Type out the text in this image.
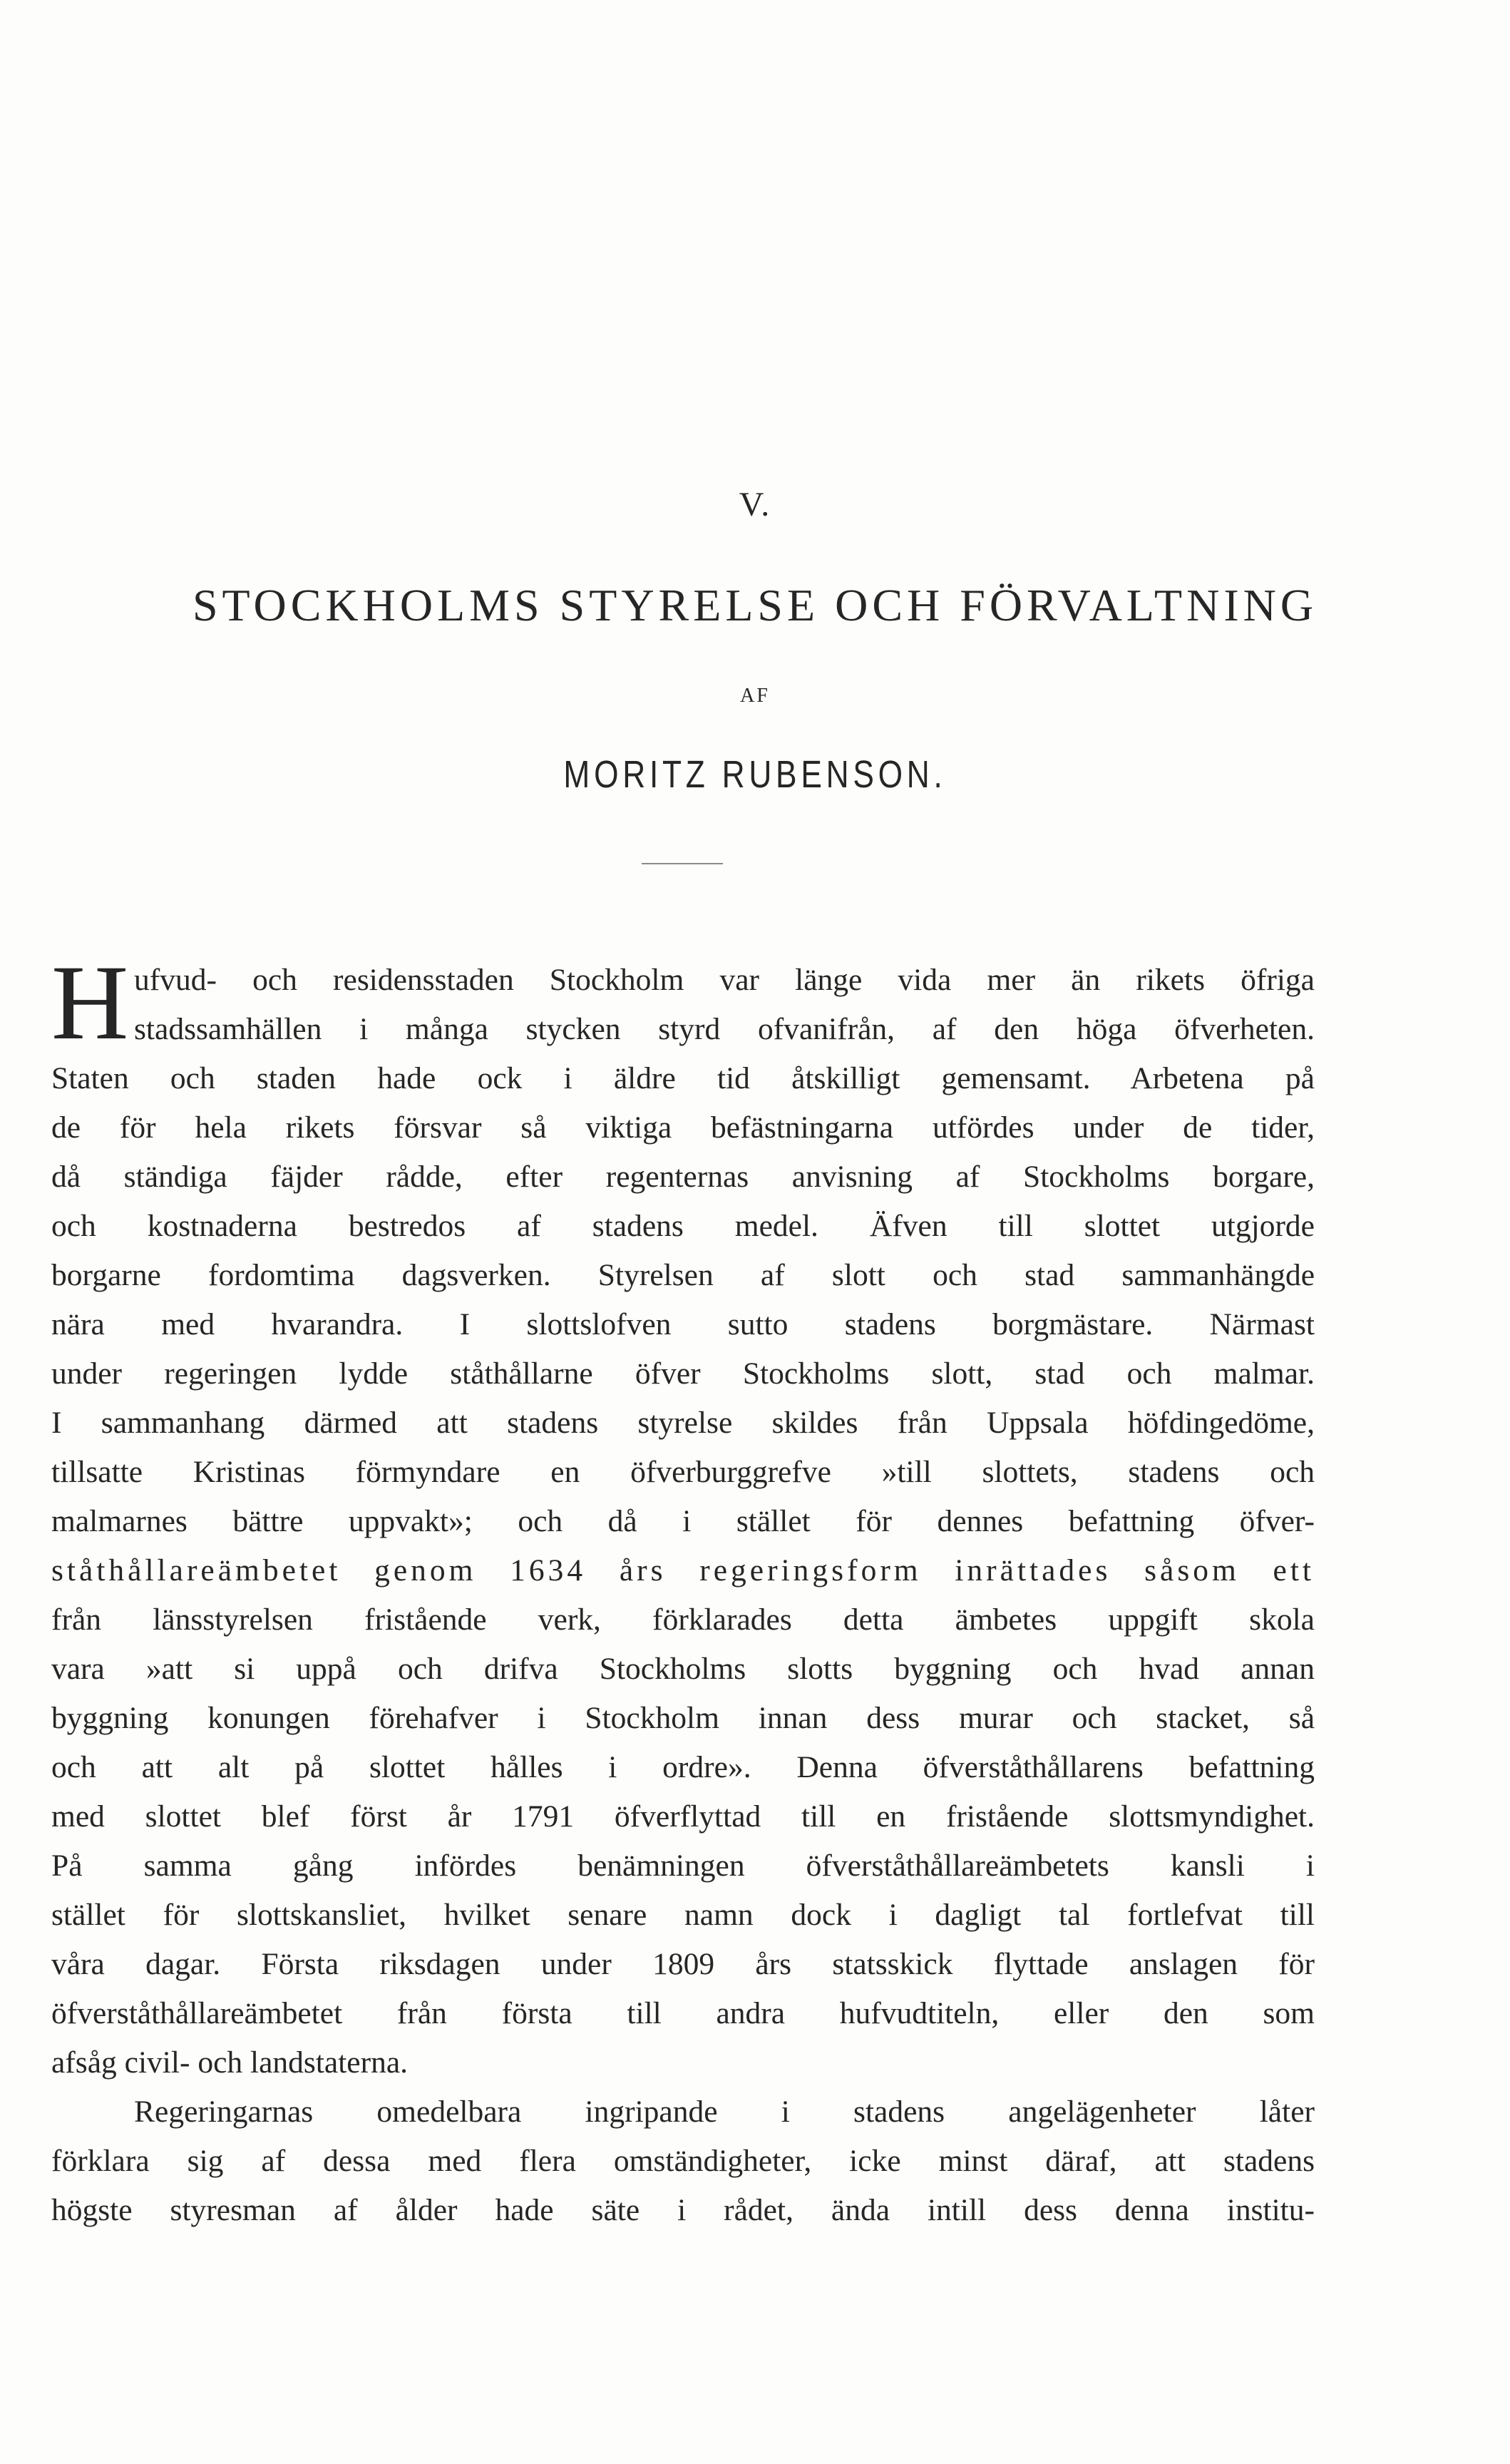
V.
STOCKHOLMS STYRELSE OCH FÖRVALTNING
AF
MORITZ RUBENSON.
H ufvud- och residensstaden Stockholm var länge vida mer än rikets öfriga
stadssamhällen i många stycken styrd ofvanifrån, af den höga öfverheten.
Staten och staden hade ock i äldre tid åtskilligt gemensamt. Arbetena på
de för hela rikets försvar så viktiga befästningarna utfördes under de tider,
då ständiga fäjder rådde, efter regenternas anvisning af Stockholms borgare,
och kostnaderna bestredos af stadens medel. Äfven till slottet utgjorde
borgarne fordomtima dagsverken. Styrelsen af slott och stad sammanhängde
nära med hvarandra. I slottslofven sutto stadens borgmästare. Närmast
under regeringen lydde ståthållarne öfver Stockholms slott, stad och malmar.
I sammanhang därmed att stadens styrelse skildes från Uppsala höfdingedöme,
tillsatte Kristinas förmyndare en öfverburggrefve »till slottets, stadens och
malmarnes bättre uppvakt»; och då i stället för dennes befattning öfver-
ståthållareämbetet genom 1634 års regeringsform inrättades såsom ett
från länsstyrelsen fristående verk, förklarades detta ämbetes uppgift skola
vara »att si uppå och drifva Stockholms slotts byggning och hvad annan
byggning konungen förehafver i Stockholm innan dess murar och stacket, så
och att alt på slottet hålles i ordre». Denna öfverståthållarens befattning
med slottet blef först år 1791 öfverflyttad till en fristående slottsmyndighet.
På samma gång infördes benämningen öfverståthållareämbetets kansli i
stället för slottskansliet, hvilket senare namn dock i dagligt tal fortlefvat till
våra dagar. Första riksdagen under 1809 års statsskick flyttade anslagen för
öfverståthållareämbetet från första till andra hufvudtiteln, eller den som
afsåg civil- och landstaterna.
Regeringarnas omedelbara ingripande i stadens angelägenheter låter
förklara sig af dessa med flera omständigheter, icke minst däraf, att stadens
högste styresman af ålder hade säte i rådet, ända intill dess denna institu-
